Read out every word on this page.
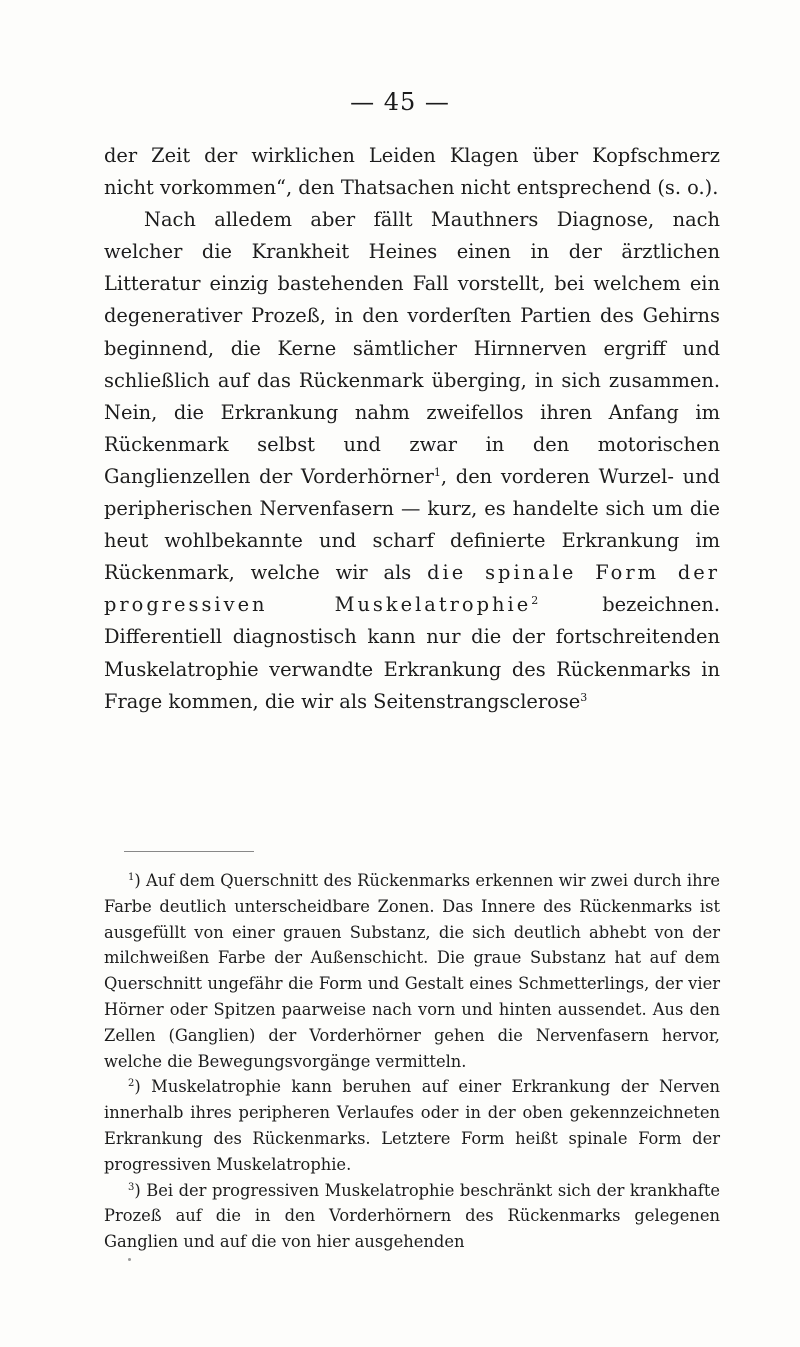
— 45 —

der Zeit der wirklichen Leiden Klagen über Kopfschmerz nicht vorkommen“, den Thatsachen nicht entsprechend (s. o.).

Nach alledem aber fällt Mauthners Diagnose, nach welcher die Krankheit Heines einen in der ärztlichen Litteratur einzig bastehenden Fall vorstellt, bei welchem ein degenerativer Prozeß, in den vorderſten Partien des Gehirns beginnend, die Kerne sämtlicher Hirnnerven ergriff und schließlich auf das Rückenmark überging, in sich zusammen. Nein, die Erkrankung nahm zweifellos ihren Anfang im Rückenmark selbst und zwar in den motorischen Ganglienzellen der Vorderhörner$^1$, den vorderen Wurzel- und peripherischen Nervenfasern — kurz, es handelte sich um die heut wohlbekannte und scharf definierte Erkrankung im Rückenmark, welche wir als die spinale Form der progressiven Muskelatrophie$^2$ bezeichnen. Differentiell diagnostisch kann nur die der fortschreitenden Muskelatrophie verwandte Erkrankung des Rückenmarks in Frage kommen, die wir als Seitenstrangsclerose$^3$

$^1$) Auf dem Querschnitt des Rückenmarks erkennen wir zwei durch ihre Farbe deutlich unterscheidbare Zonen. Das Innere des Rückenmarks ist ausgefüllt von einer grauen Substanz, die sich deutlich abhebt von der milchweißen Farbe der Außenschicht. Die graue Substanz hat auf dem Querschnitt ungefähr die Form und Gestalt eines Schmetterlings, der vier Hörner oder Spitzen paarweise nach vorn und hinten aussendet. Aus den Zellen (Ganglien) der Vorderhörner gehen die Nervenfasern hervor, welche die Bewegungsvorgänge vermitteln.

$^2$) Muskelatrophie kann beruhen auf einer Erkrankung der Nerven innerhalb ihres peripheren Verlaufes oder in der oben gekennzeichneten Erkrankung des Rückenmarks. Letztere Form heißt spinale Form der progressiven Muskelatrophie.

$^3$) Bei der progressiven Muskelatrophie beschränkt sich der krankhafte Prozeß auf die in den Vorderhörnern des Rückenmarks gelegenen Ganglien und auf die von hier ausgehenden
